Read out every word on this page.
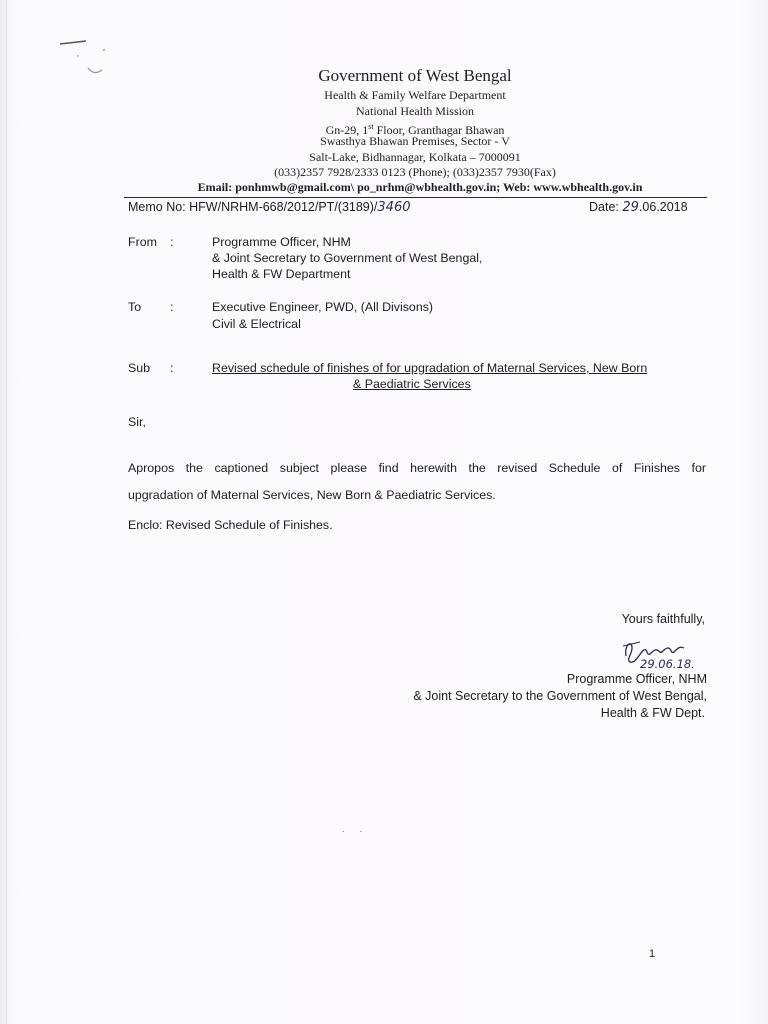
Government of West Bengal
Health & Family Welfare Department
National Health Mission
Gn-29, 1st Floor, Granthagar Bhawan
Swasthya Bhawan Premises, Sector - V
Salt-Lake, Bidhannagar, Kolkata – 7000091
(033)2357 7928/2333 0123 (Phone); (033)2357 7930(Fax)
Email: ponhmwb@gmail.com\ po_nrhm@wbhealth.gov.in; Web: www.wbhealth.gov.in
Memo No: HFW/NRHM-668/2012/PT/(3189)/3460	Date: 29.06.2018
From :	Programme Officer, NHM
& Joint Secretary to Government of West Bengal,
Health & FW Department
To :	Executive Engineer, PWD, (All Divisons)
Civil & Electrical
Sub :	Revised schedule of finishes of for upgradation of Maternal Services, New Born
& Paediatric Services
Sir,
Apropos the captioned subject please find herewith the revised Schedule of Finishes for
upgradation of Maternal Services, New Born & Paediatric Services.
Enclo: Revised Schedule of Finishes.
Yours faithfully,
29.06.18.
Programme Officer, NHM
& Joint Secretary to the Government of West Bengal,
Health & FW Dept.
. .
1
